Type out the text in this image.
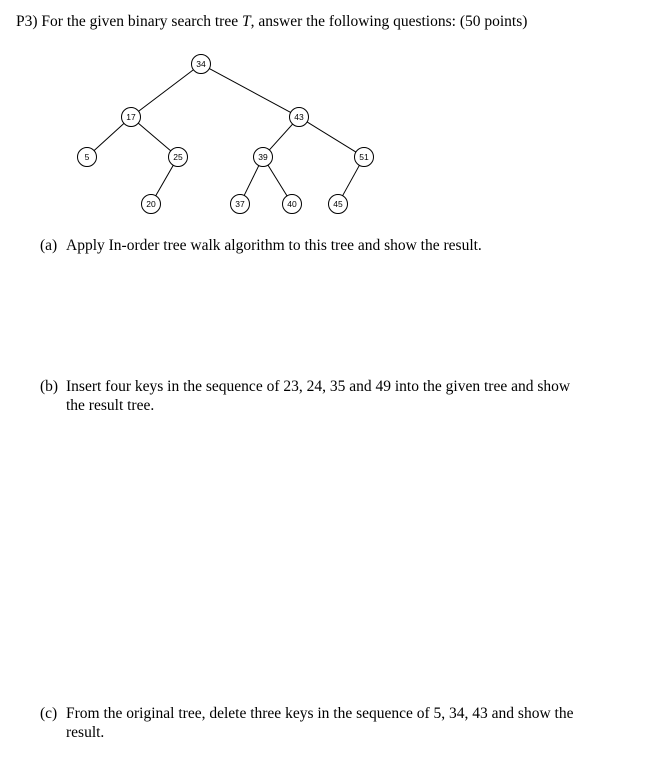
P3) For the given binary search tree T, answer the following questions: (50 points)
34
17	43
5	25	39	51
20	37	40	45
(a) Apply In-order tree walk algorithm to this tree and show the result.
(b) Insert four keys in the sequence of 23, 24, 35 and 49 into the given tree and show
the result tree.
(c) From the original tree, delete three keys in the sequence of 5, 34, 43 and show the
result.
